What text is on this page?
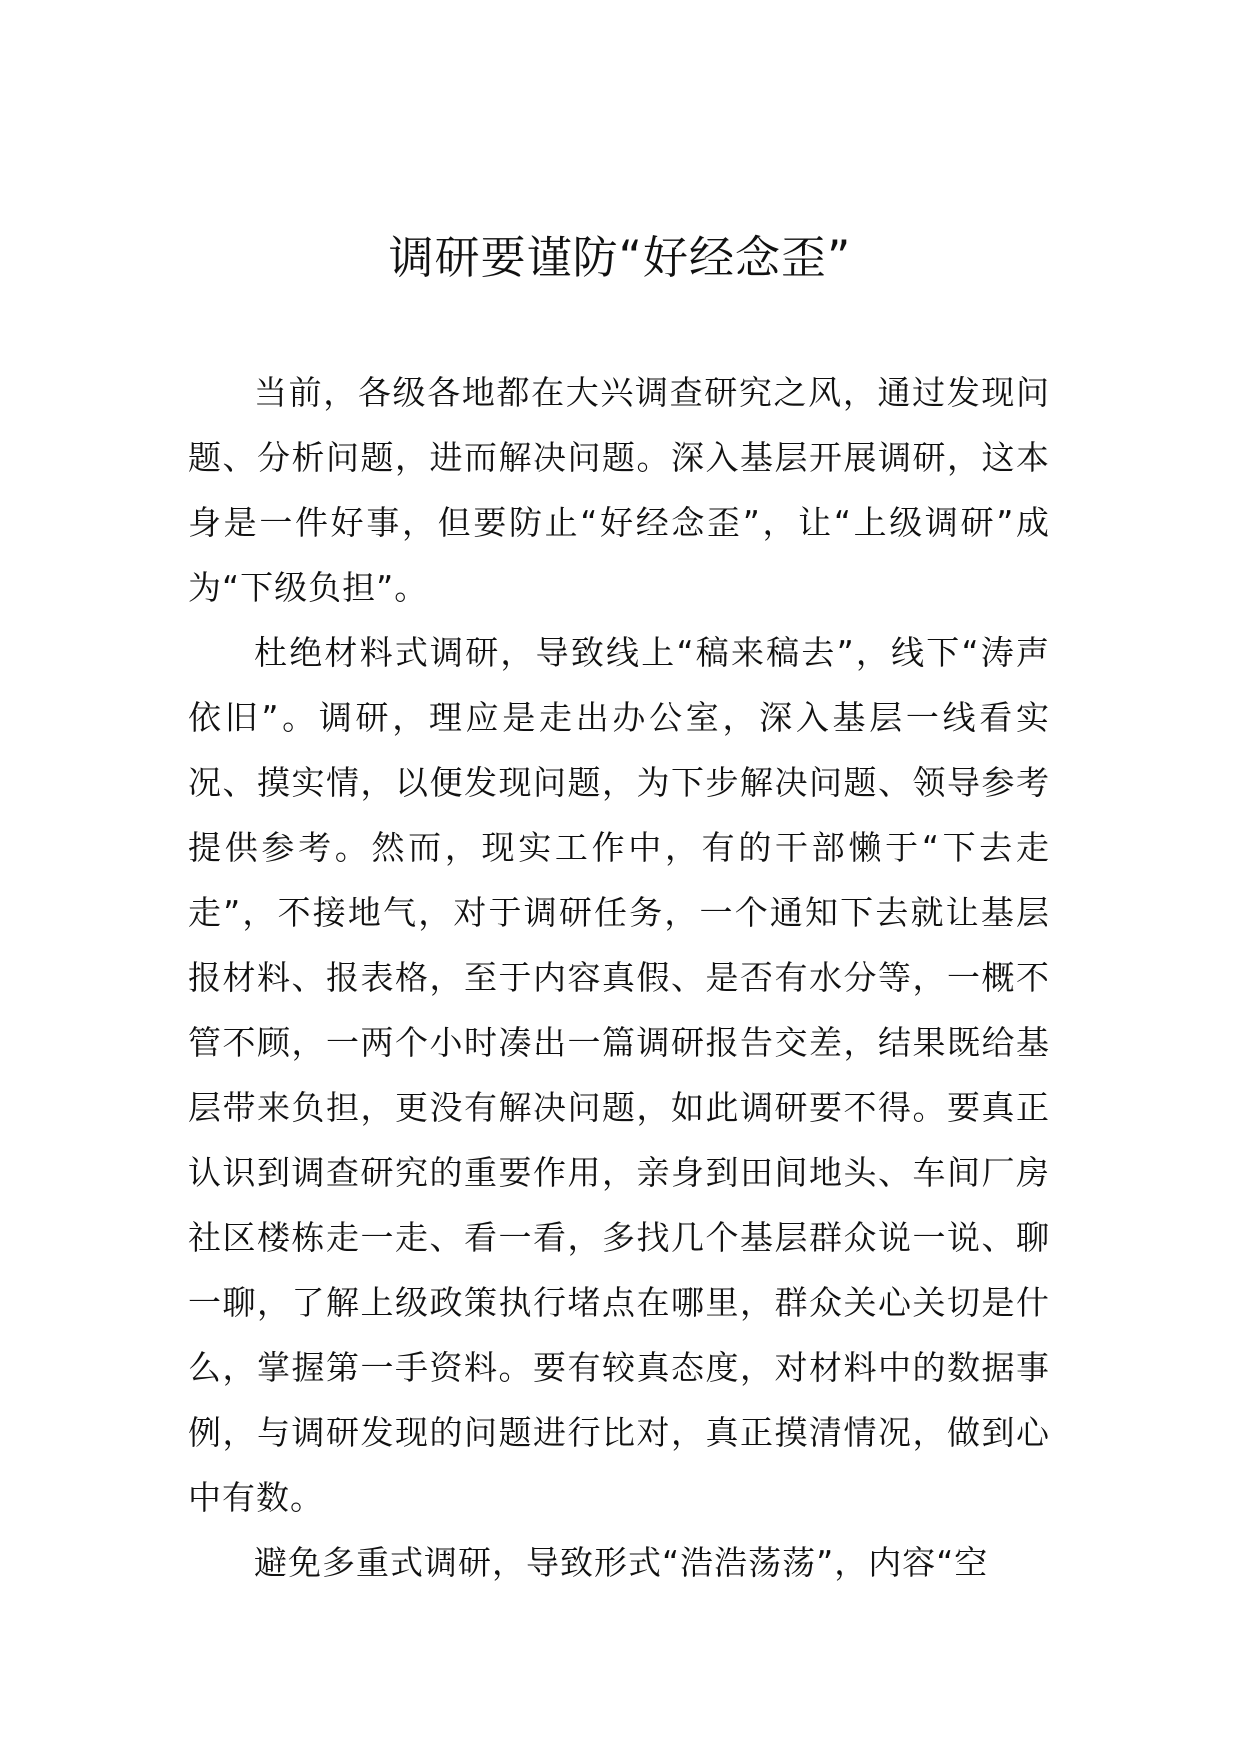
调研要谨防“好经念歪”

当前，各级各地都在大兴调查研究之风，通过发现问题、分析问题，进而解决问题。深入基层开展调研，这本身是一件好事，但要防止“好经念歪”，让“上级调研”成为“下级负担”。

杜绝材料式调研，导致线上“稿来稿去”，线下“涛声依旧”。调研，理应是走出办公室，深入基层一线看实况、摸实情，以便发现问题，为下步解决问题、领导参考提供参考。然而，现实工作中，有的干部懒于“下去走走”，不接地气，对于调研任务，一个通知下去就让基层报材料、报表格，至于内容真假、是否有水分等，一概不管不顾，一两个小时凑出一篇调研报告交差，结果既给基层带来负担，更没有解决问题，如此调研要不得。要真正认识到调查研究的重要作用，亲身到田间地头、车间厂房社区楼栋走一走、看一看，多找几个基层群众说一说、聊一聊，了解上级政策执行堵点在哪里，群众关心关切是什么，掌握第一手资料。要有较真态度，对材料中的数据事例，与调研发现的问题进行比对，真正摸清情况，做到心中有数。

避免多重式调研，导致形式“浩浩荡荡”，内容“空
